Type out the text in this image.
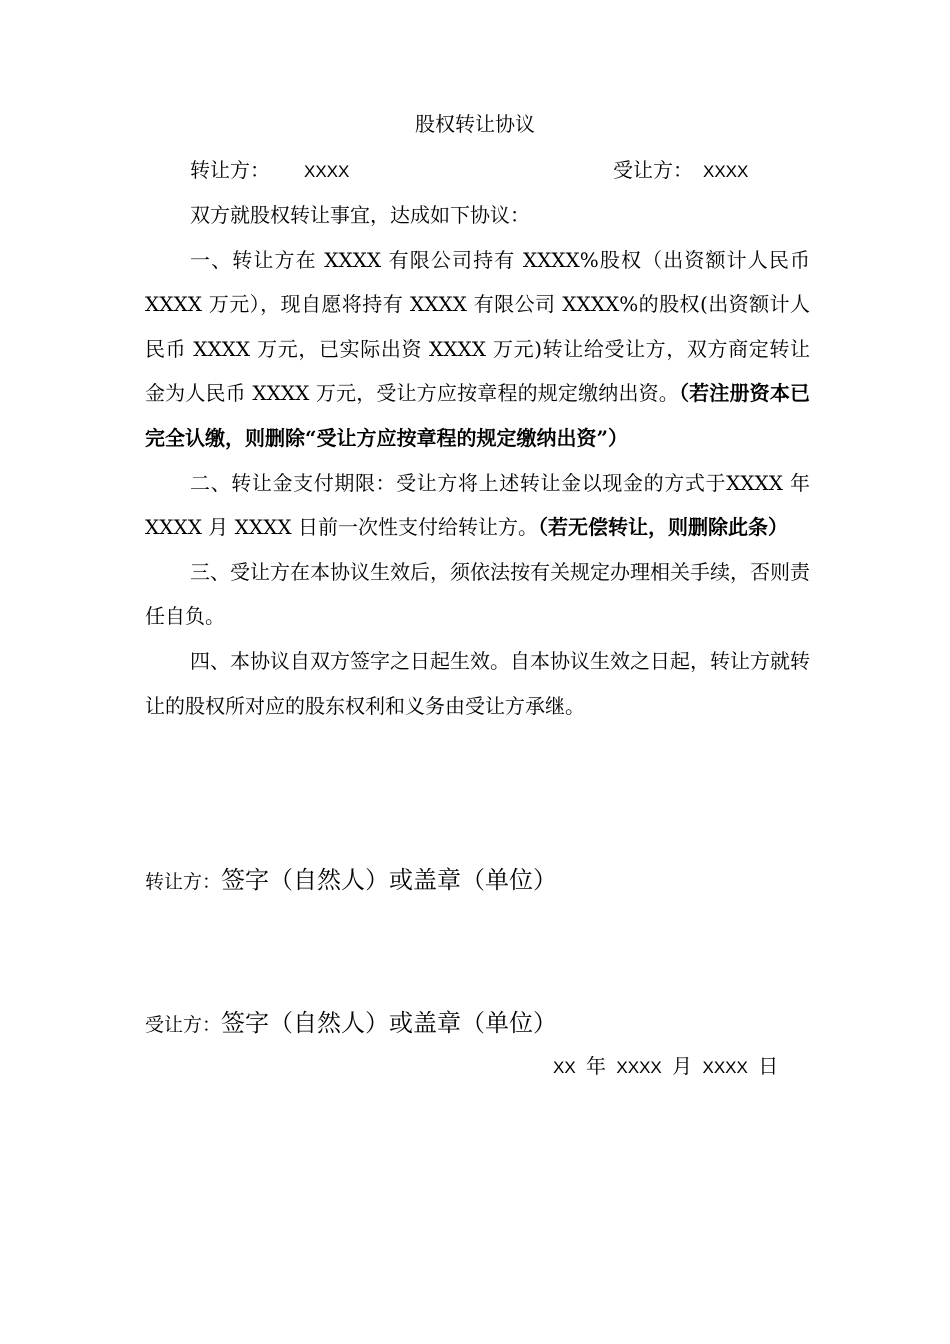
股权转让协议
转让方： XXXX	受让方： XXXX

双方就股权转让事宜，达成如下协议：

一、转让方在 XXXX 有限公司持有 XXXX%股权（出资额计人民币 XXXX 万元），现自愿将持有 XXXX 有限公司 XXXX%的股权(出资额计人民币 XXXX 万元，已实际出资 XXXX 万元)转让给受让方，双方商定转让金为人民币 XXXX 万元，受让方应按章程的规定缴纳出资。（若注册资本已完全认缴，则删除“受让方应按章程的规定缴纳出资”）

二、转让金支付期限：受让方将上述转让金以现金的方式于XXXX 年 XXXX 月 XXXX 日前一次性支付给转让方。（若无偿转让，则删除此条）

三、受让方在本协议生效后，须依法按有关规定办理相关手续，否则责任自负。

四、本协议自双方签字之日起生效。自本协议生效之日起，转让方就转让的股权所对应的股东权利和义务由受让方承继。

转让方：签字（自然人）或盖章（单位）
受让方：签字（自然人）或盖章（单位）
XX 年 XXXX 月 XXXX 日
